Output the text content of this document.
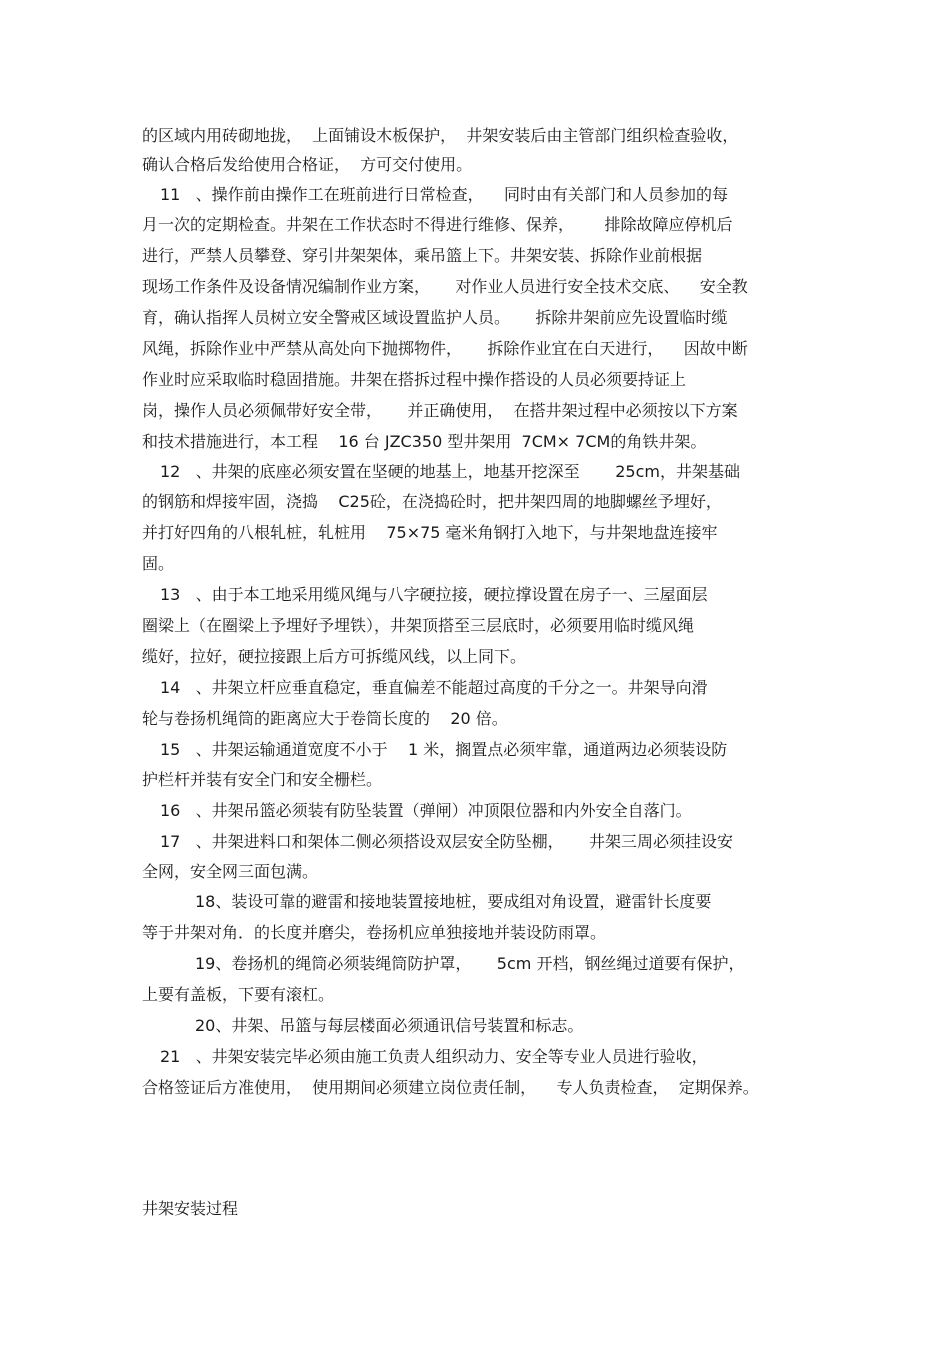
的区域内用砖砌地拢，  上面铺设木板保护，  井架安装后由主管部门组织检查验收，
确认合格后发给使用合格证，  方可交付使用。
11   、操作前由操作工在班前进行日常检查，    同时由有关部门和人员参加的每
月一次的定期检查。井架在工作状态时不得进行维修、保养，      排除故障应停机后
进行，严禁人员攀登、穿引井架架体，乘吊篮上下。井架安装、拆除作业前根据
现场工作条件及设备情况编制作业方案，     对作业人员进行安全技术交底、    安全教
育，确认指挥人员树立安全警戒区域设置监护人员。     拆除井架前应先设置临时缆
风绳，拆除作业中严禁从高处向下抛掷物件，     拆除作业宜在白天进行，    因故中断
作业时应采取临时稳固措施。井架在搭拆过程中操作搭设的人员必须要持证上
岗，操作人员必须佩带好安全带，     并正确使用，  在搭井架过程中必须按以下方案
和技术措施进行，本工程    16 台 JZC350 型井架用  7CM× 7CM的角铁井架。
12   、井架的底座必须安置在坚硬的地基上，地基开挖深至       25cm，井架基础
的钢筋和焊接牢固，浇捣    C25砼，在浇捣砼时，把井架四周的地脚螺丝予埋好，
并打好四角的八根轧桩，轧桩用    75×75 毫米角钢打入地下，与井架地盘连接牢
固。
13   、由于本工地采用缆风绳与八字硬拉接，硬拉撑设置在房子一、三屋面层
圈梁上（在圈梁上予埋好予埋铁），井架顶搭至三层底时，必须要用临时缆风绳
缆好，拉好，硬拉接跟上后方可拆缆风线，以上同下。
14   、井架立杆应垂直稳定，垂直偏差不能超过高度的千分之一。井架导向滑
轮与卷扬机绳筒的距离应大于卷筒长度的    20 倍。
15   、井架运输通道宽度不小于    1 米，搁置点必须牢靠，通道两边必须装设防
护栏杆并装有安全门和安全栅栏。
16   、井架吊篮必须装有防坠装置（弹闸）冲顶限位器和内外安全自落门。
17   、井架进料口和架体二侧必须搭设双层安全防坠棚，     井架三周必须挂设安
全网，安全网三面包满。
18、装设可靠的避雷和接地装置接地桩，要成组对角设置，避雷针长度要
等于井架对角．的长度并磨尖，卷扬机应单独接地并装设防雨罩。
19、卷扬机的绳筒必须装绳筒防护罩，     5cm 开档，钢丝绳过道要有保护，
上要有盖板，下要有滚杠。
20、井架、吊篮与每层楼面必须通讯信号装置和标志。
21   、井架安装完毕必须由施工负责人组织动力、安全等专业人员进行验收，
合格签证后方准使用，  使用期间必须建立岗位责任制，    专人负责检查，  定期保养。
井架安装过程
